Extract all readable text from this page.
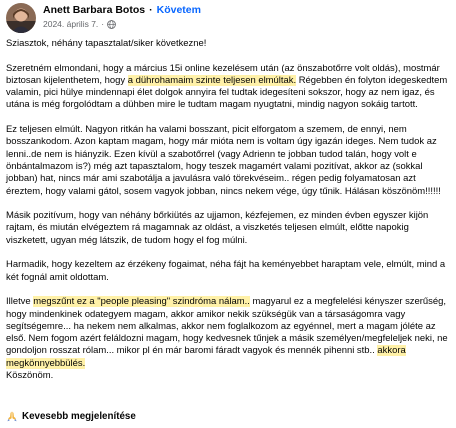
Anett Barbara Botos · Követem
2024. április 7. ·

Sziasztok, néhány tapasztalat/siker következne!

Szeretném elmondani, hogy a március 15i online kezelésem után (az önszabotőrre volt oldás), mostmár biztosan kijelenthetem, hogy a dührohamaim szinte teljesen elmúltak. Régebben én folyton idegeskedtem valamin, pici hülye mindennapi élet dolgok annyira fel tudtak idegesíteni sokszor, hogy az nem igaz, és utána is még forgolódtam a dühben mire le tudtam magam nyugtatni, mindig nagyon sokáig tartott.

Ez teljesen elmúlt. Nagyon ritkán ha valami bosszant, picit elforgatom a szemem, de ennyi, nem bosszankodom. Azon kaptam magam, hogy már mióta nem is voltam úgy igazán ideges. Nem tudok az lenni..de nem is hiányzik. Ezen kívül a szabotőrrel (vagy Adrienn te jobban tudod talán, hogy volt e önbántalmazom is?) még azt tapasztalom, hogy teszek magamért valami pozitívat, akkor az (sokkal jobban) hat, nincs már ami szabotálja a javulásra való törekvéseim.. régen pedig folyamatosan azt éreztem, hogy valami gátol, sosem vagyok jobban, nincs nekem vége, úgy tűnik. Hálásan köszönöm!!!!!!

Másik pozitívum, hogy van néhány bőrkiütés az ujjamon, kézfejemen, ez minden évben egyszer kijön rajtam, és miután elvégeztem rá magamnak az oldást, a viszketés teljesen elmúlt, előtte napokig viszketett, ugyan még látszik, de tudom hogy el fog múlni.

Harmadik, hogy kezeltem az érzékeny fogaimat, néha fájt ha keményebbet haraptam vele, elmúlt, mind a két fognál amit oldottam.

Illetve megszűnt ez a "people pleasing" szindróma nálam.. magyarul ez a megfelelési kényszer szerűség, hogy mindenkinek odategyem magam, akkor amikor nekik szükségük van a társaságomra vagy segítségemre... ha nekem nem alkalmas, akkor nem foglalkozom az egyénnel, mert a magam jóléte az első. Nem fogom azért feláldozni magam, hogy kedvesnek tűnjek a másik személyen/megfeleljek neki, ne gondoljon rosszat rólam... mikor pl én már baromi fáradt vagyok és mennék pihenni stb.. akkora megkönnyebbülés.
Köszönöm.

Kevesebb megjelenítése
